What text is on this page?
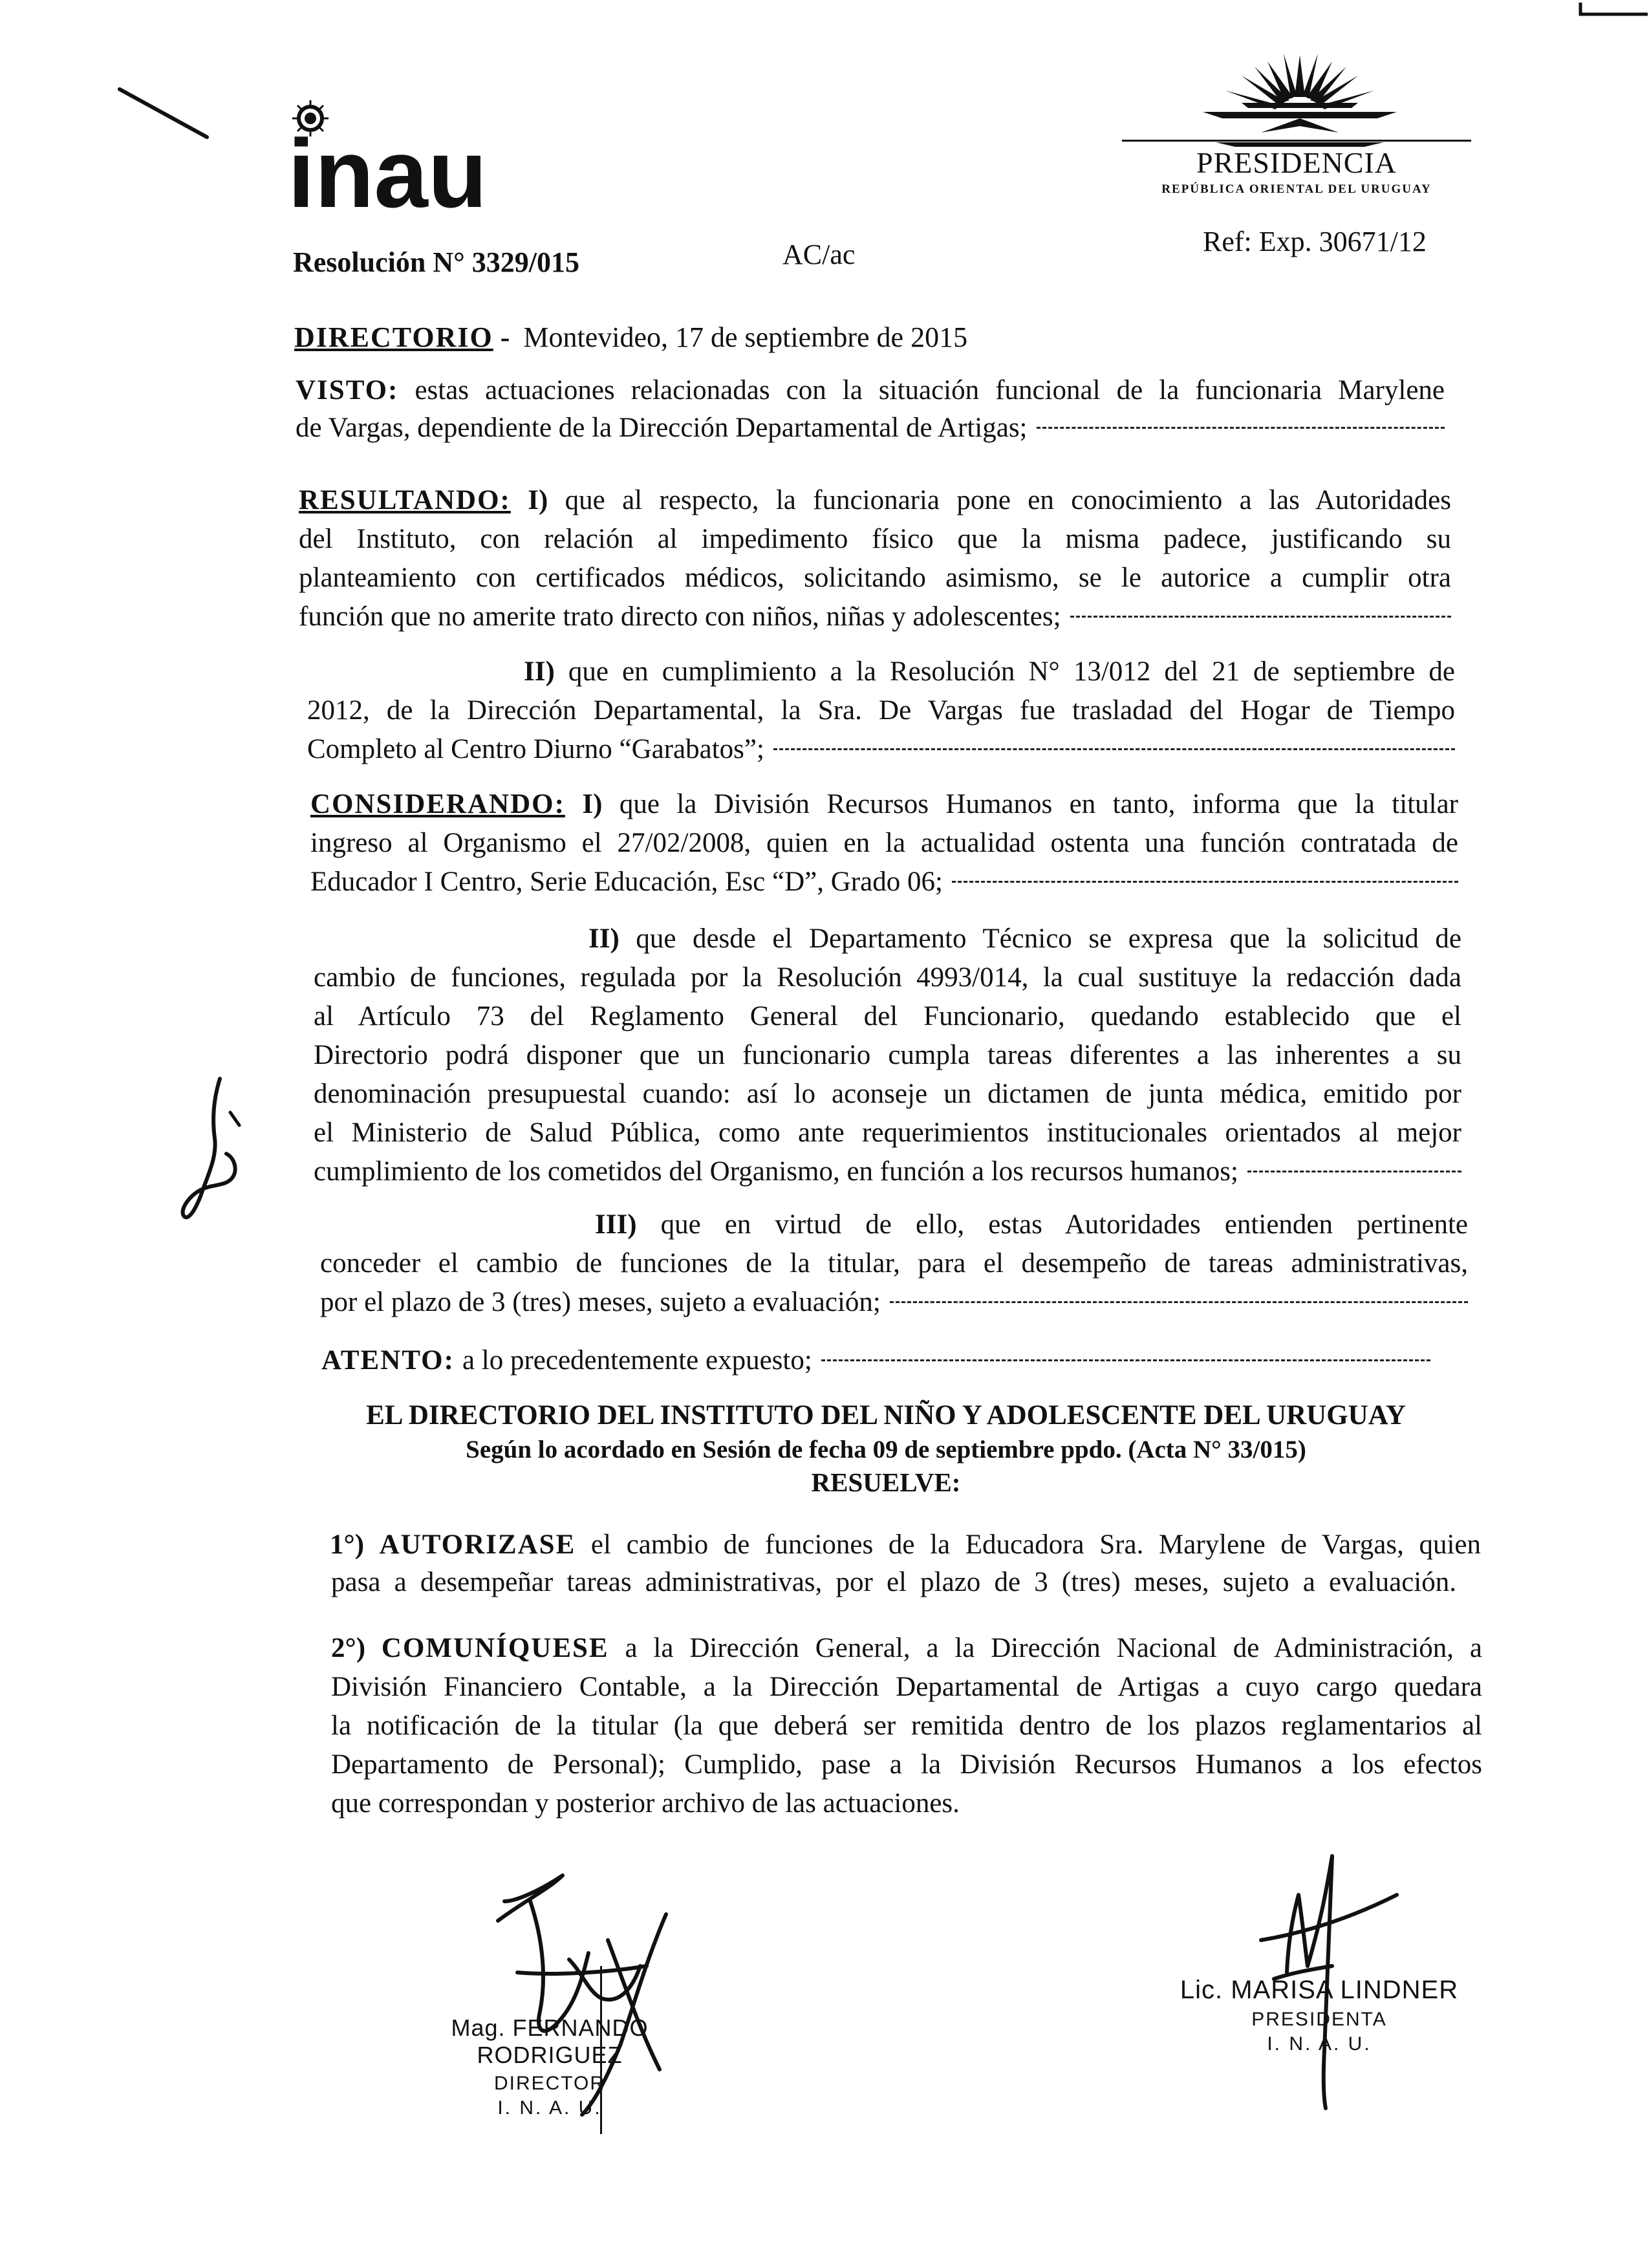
inau	PRESIDENCIA
REPÚBLICA ORIENTAL DEL URUGUAY
Resolución N° 3329/015	AC/ac	Ref: Exp. 30671/12
DIRECTORIO - Montevideo, 17 de septiembre de 2015
VISTO: estas actuaciones relacionadas con la situación funcional de la funcionaria Marylene
de Vargas, dependiente de la Dirección Departamental de Artigas;
RESULTANDO: I) que al respecto, la funcionaria pone en conocimiento a las Autoridades
del Instituto, con relación al impedimento físico que la misma padece, justificando su
planteamiento con certificados médicos, solicitando asimismo, se le autorice a cumplir otra
función que no amerite trato directo con niños, niñas y adolescentes;
II) que en cumplimiento a la Resolución N° 13/012 del 21 de septiembre de
2012, de la Dirección Departamental, la Sra. De Vargas fue trasladad del Hogar de Tiempo
Completo al Centro Diurno “Garabatos”;
CONSIDERANDO: I) que la División Recursos Humanos en tanto, informa que la titular
ingreso al Organismo el 27/02/2008, quien en la actualidad ostenta una función contratada de
Educador I Centro, Serie Educación, Esc “D”, Grado 06;
II) que desde el Departamento Técnico se expresa que la solicitud de
cambio de funciones, regulada por la Resolución 4993/014, la cual sustituye la redacción dada
al Artículo 73 del Reglamento General del Funcionario, quedando establecido que el
Directorio podrá disponer que un funcionario cumpla tareas diferentes a las inherentes a su
denominación presupuestal cuando: así lo aconseje un dictamen de junta médica, emitido por
el Ministerio de Salud Pública, como ante requerimientos institucionales orientados al mejor
cumplimiento de los cometidos del Organismo, en función a los recursos humanos;
III) que en virtud de ello, estas Autoridades entienden pertinente
conceder el cambio de funciones de la titular, para el desempeño de tareas administrativas,
por el plazo de 3 (tres) meses, sujeto a evaluación;
ATENTO: a lo precedentemente expuesto;
EL DIRECTORIO DEL INSTITUTO DEL NIÑO Y ADOLESCENTE DEL URUGUAY
Según lo acordado en Sesión de fecha 09 de septiembre ppdo. (Acta N° 33/015)
RESUELVE:
1°) AUTORIZASE el cambio de funciones de la Educadora Sra. Marylene de Vargas, quien
pasa a desempeñar tareas administrativas, por el plazo de 3 (tres) meses, sujeto a evaluación.
2°) COMUNÍQUESE a la Dirección General, a la Dirección Nacional de Administración, a
División Financiero Contable, a la Dirección Departamental de Artigas a cuyo cargo quedara
la notificación de la titular (la que deberá ser remitida dentro de los plazos reglamentarios al
Departamento de Personal); Cumplido, pase a la División Recursos Humanos a los efectos
que correspondan y posterior archivo de las actuaciones.
Mag. FERNANDO RODRIGUEZ
DIRECTOR
I. N. A. U.
Lic. MARISA LINDNER
PRESIDENTA
I. N. A. U.
